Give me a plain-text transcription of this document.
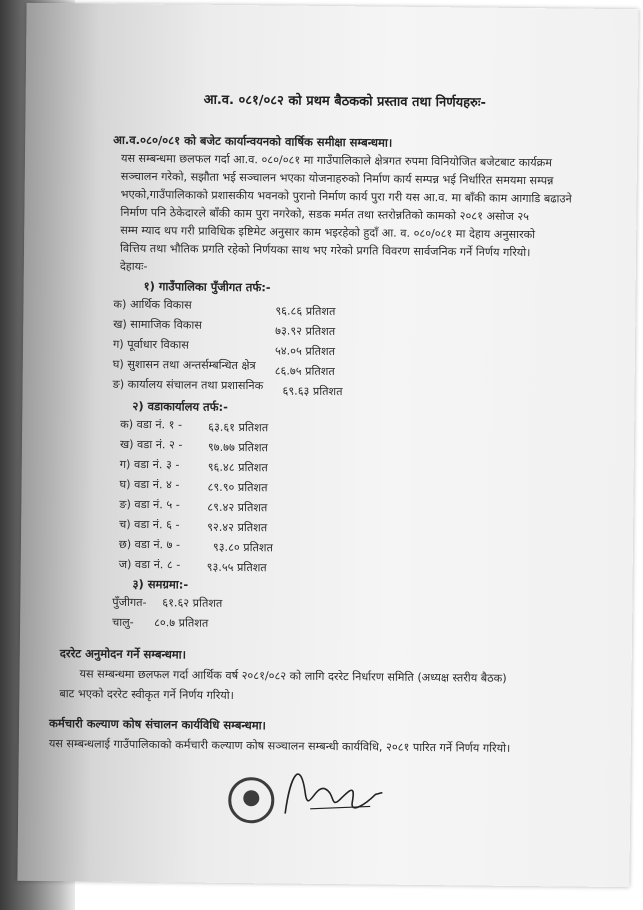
आ.व. ०८१/०८२ को प्रथम बैठकको प्रस्ताव तथा निर्णयहरुः-
आ.व.०८०/०८१ को बजेट कार्यान्वयनको वार्षिक समीक्षा सम्बन्धमा।
यस सम्बन्धमा छलफल गर्दा आ.व. ०८०/०८१ मा गाउँपालिकाले क्षेत्रगत रुपमा विनियोजित बजेटबाट कार्यक्रम
सञ्चालन गरेको, सझौता भई सञ्चालन भएका योजनाहरुको निर्माण कार्य सम्पन्न भई निर्धारित समयमा सम्पन्न
भएको,गाउँपालिकाको प्रशासकीय भवनको पुरानो निर्माण कार्य पुरा गरी यस आ.व. मा बाँकी काम आगाडि बढाउने
निर्माण पनि ठेकेदारले बाँकी काम पुरा नगरेको, सडक मर्मत तथा स्तरोन्नतिको कामको २०८१ असोज २५
सम्म म्याद थप गरी प्राविधिक इष्टिमेट अनुसार काम भइरहेको हुदाँ आ. व. ०८०/०८१ मा देहाय अनुसारको
वित्तिय तथा भौतिक प्रगति रहेको निर्णयका साथ भए गरेको प्रगति विवरण सार्वजनिक गर्ने निर्णय गरियो।
देहायः-
१) गाउँपालिका पुँजीगत तर्फ:-
क) आर्थिक विकास	९६.८६ प्रतिशत
ख) सामाजिक विकास	७३.९२ प्रतिशत
ग) पूर्वाधार विकास	५४.०५ प्रतिशत
घ) सुशासन तथा अन्तर्सम्बन्धित क्षेत्र ८६.७५ प्रतिशत
ङ) कार्यालय संचालन तथा प्रशासनिक ६९.६३ प्रतिशत
२) वडाकार्यालय तर्फ:-
क) वडा नं. १ - ६३.६१ प्रतिशत
ख) वडा नं. २ - ९७.७७ प्रतिशत
ग) वडा नं. ३ -	९६.४८ प्रतिशत
घ) वडा नं. ४ - ८९.९० प्रतिशत
ङ) वडा नं. ५ - ८९.४२ प्रतिशत
च) वडा नं. ६ - ९२.४२ प्रतिशत
छ) वडा नं. ७ -	९३.८० प्रतिशत
ज) वडा नं. ८ - ९३.५५ प्रतिशत
३) समग्रमा:-
पुँजीगत- ६१.६२ प्रतिशत
चालु- ८०.७ प्रतिशत
दररेट अनुमोदन गर्ने सम्बन्धमा।
यस सम्बन्धमा छलफल गर्दा आर्थिक वर्ष २०८१/०८२ को लागि दररेट निर्धारण समिति (अध्यक्ष स्तरीय बैठक)
बाट भएको दररेट स्वीकृत गर्ने निर्णय गरियो।
कर्मचारी कल्याण कोष संचालन कार्यविधि सम्बन्धमा।
यस सम्बन्धलाई गाउँपालिकाको कर्मचारी कल्याण कोष सञ्चालन सम्बन्धी कार्यविधि, २०८१ पारित गर्ने निर्णय गरियो।
